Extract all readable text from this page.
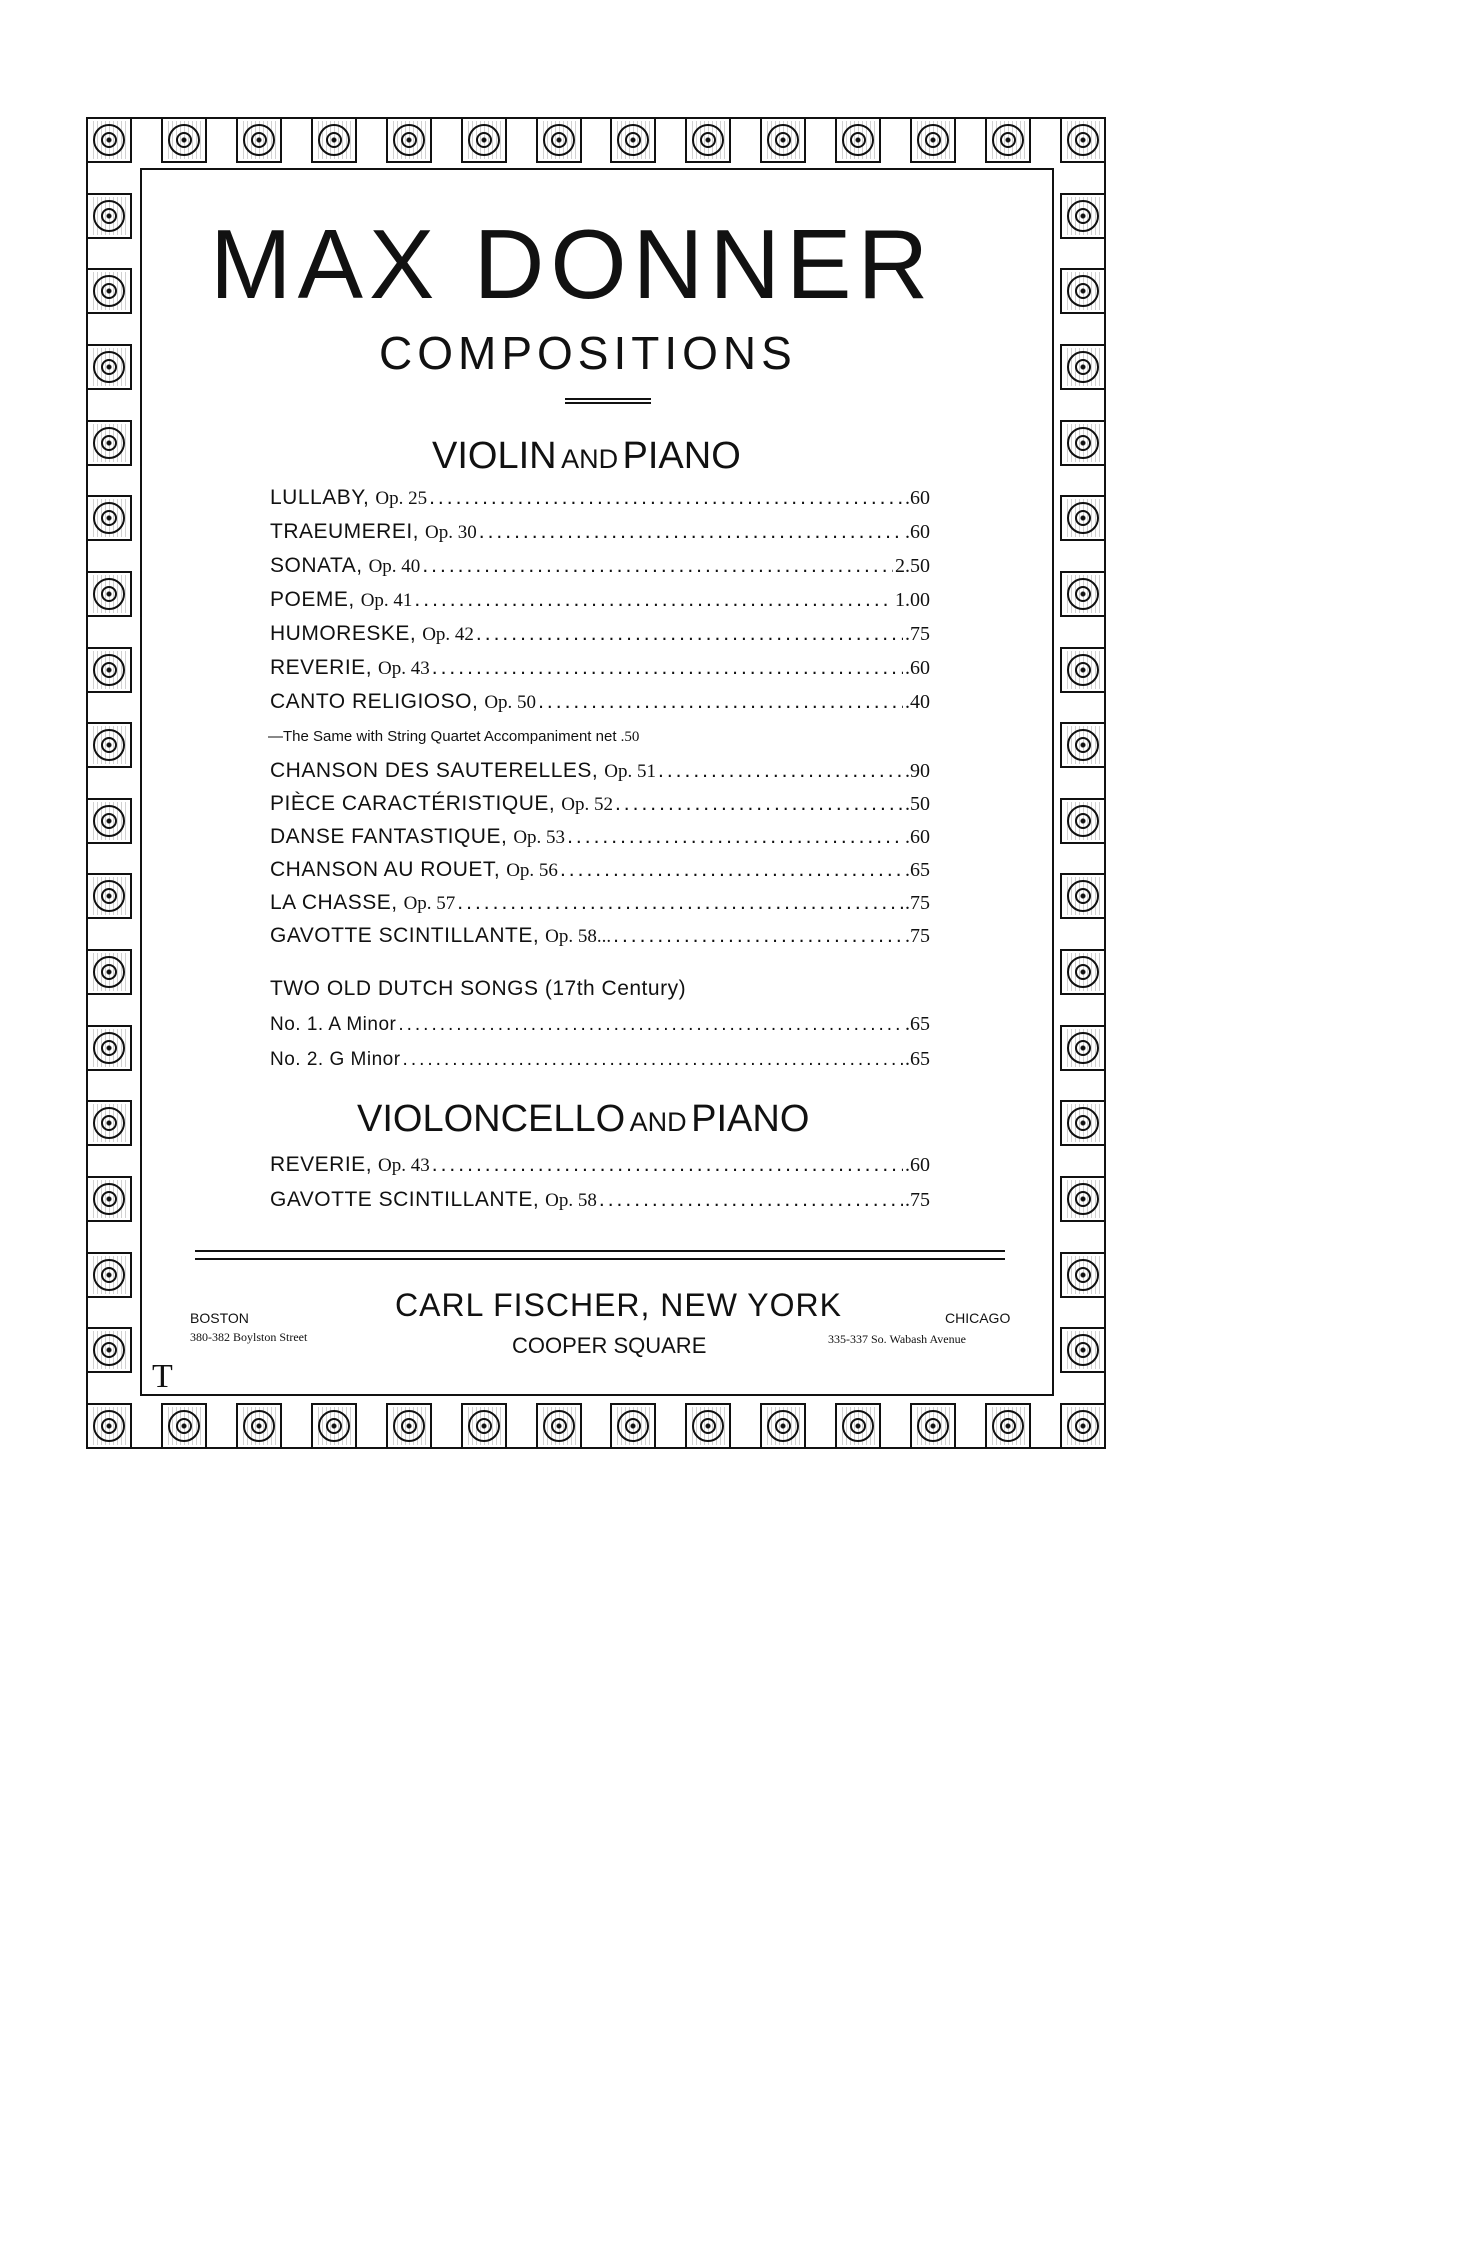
MAX DONNER
COMPOSITIONS
VIOLIN AND PIANO
LULLABY, Op. 25 .....	.60
TRAEUMEREI, Op. 30 .....	.60
SONATA, Op. 40 .....	2.50
POEME, Op. 41 .....	1.00
HUMORESKE, Op. 42 .....	.75
REVERIE, Op. 43 .....	.60
CANTO RELIGIOSO, Op. 50 .....	.40
CHANSON DES SAUTERELLES, Op. 51 .....	.90
PIÈCE CARACTÉRISTIQUE, Op. 52 .....	.50
DANSE FANTASTIQUE, Op. 53 .....	.60
CHANSON AU ROUET, Op. 56 .....	.65
LA CHASSE, Op. 57 .....	.75
GAVOTTE SCINTILLANTE, Op. 58... .....	.75
—The Same with String Quartet Accompaniment net .50
TWO OLD DUTCH SONGS (17th Century)
No. 1. A Minor .....	.65
No. 2. G Minor .....	.65
VIOLONCELLO AND PIANO
REVERIE, Op. 43 .....	.60
GAVOTTE SCINTILLANTE, Op. 58 .....	.75
CARL FISCHER, NEW YORK
COOPER SQUARE
BOSTON
380-382 Boylston Street
CHICAGO
335-337 So. Wabash Avenue
T
